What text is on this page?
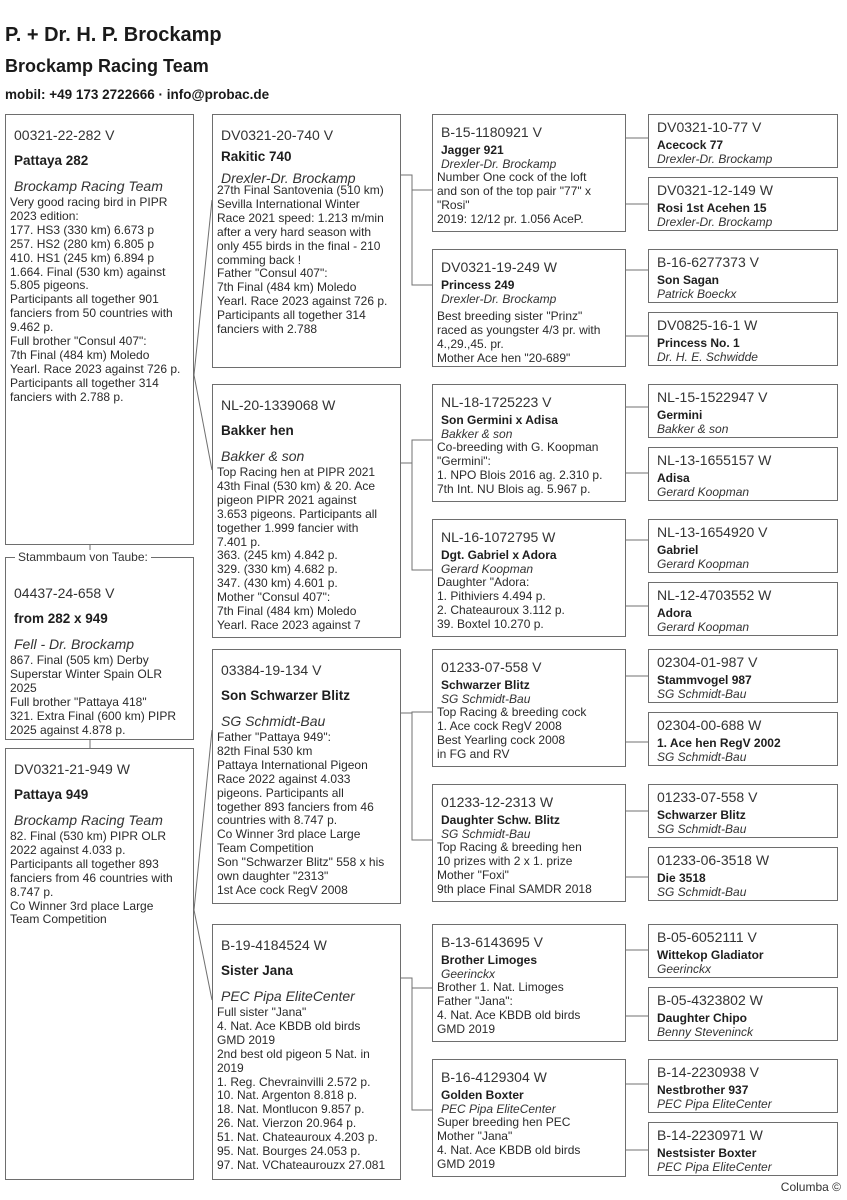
P. + Dr. H. P. Brockamp
Brockamp Racing Team
mobil: +49 173 2722666 · info@probac.de
00321-22-282 V
Pattaya 282
Brockamp Racing Team
Very good racing bird in PIPR
2023 edition:
177. HS3 (330 km) 6.673 p
257. HS2 (280 km) 6.805 p
410. HS1 (245 km) 6.894 p
1.664. Final (530 km) against
5.805 pigeons.
Participants all together 901
fanciers from 50 countries with
9.462 p.
Full brother "Consul 407":
7th Final (484 km) Moledo
Yearl. Race 2023 against 726 p.
Participants all together 314
fanciers with 2.788 p.
04437-24-658 V
from 282 x 949
Fell - Dr. Brockamp
867. Final (505 km) Derby
Superstar Winter Spain OLR
2025
Full brother "Pattaya 418"
321. Extra Final (600 km) PIPR
2025 against 4.878 p.
Stammbaum von Taube:
DV0321-21-949 W
Pattaya 949
Brockamp Racing Team
82. Final (530 km) PIPR OLR
2022 against 4.033 p.
Participants all together 893
fanciers from 46 countries with
8.747 p.
Co Winner 3rd place Large
Team Competition
DV0321-20-740 V
Rakitic 740
Drexler-Dr. Brockamp
27th Final Santovenia (510 km)
Sevilla International Winter
Race 2021 speed: 1.213 m/min
after a very hard season with
only 455 birds in the final - 210
comming back !
Father "Consul 407":
7th Final (484 km) Moledo
Yearl. Race 2023 against 726 p.
Participants all together 314
fanciers with 2.788
NL-20-1339068 W
Bakker hen
Bakker & son
Top Racing hen at PIPR 2021
43th Final (530 km) & 20. Ace
pigeon PIPR 2021 against
3.653 pigeons. Participants all
together 1.999 fancier with
7.401 p.
363. (245 km) 4.842 p.
329. (330 km) 4.682 p.
347. (430 km) 4.601 p.
Mother "Consul 407":
7th Final (484 km) Moledo
Yearl. Race 2023 against 7
03384-19-134 V
Son Schwarzer Blitz
SG Schmidt-Bau
Father "Pattaya 949":
82th Final 530 km
Pattaya International Pigeon
Race 2022 against 4.033
pigeons. Participants all
together 893 fanciers from 46
countries with 8.747 p.
Co Winner 3rd place Large
Team Competition
Son "Schwarzer Blitz" 558 x his
own daughter "2313"
1st Ace cock RegV 2008
B-19-4184524 W
Sister Jana
PEC Pipa EliteCenter
Full sister "Jana"
4. Nat. Ace KBDB old birds
GMD 2019
2nd best old pigeon 5 Nat. in
2019
1. Reg. Chevrainvilli 2.572 p.
10. Nat. Argenton 8.818 p.
18. Nat. Montlucon 9.857 p.
26. Nat. Vierzon 20.964 p.
51. Nat. Chateauroux 4.203 p.
95. Nat. Bourges 24.053 p.
97. Nat. VChateaurouzx 27.081
B-15-1180921 V
Jagger 921
Drexler-Dr. Brockamp
Number One cock of the loft
and son of the top pair "77" x
"Rosi"
2019: 12/12 pr. 1.056 AceP.
DV0321-19-249 W
Princess 249
Drexler-Dr. Brockamp
Best breeding sister "Prinz"
raced as youngster 4/3 pr. with
4.,29.,45. pr.
Mother Ace hen "20-689"
NL-18-1725223 V
Son Germini x Adisa
Bakker & son
Co-breeding with G. Koopman
"Germini":
1. NPO Blois 2016 ag. 2.310 p.
7th Int. NU Blois ag. 5.967 p.
NL-16-1072795 W
Dgt. Gabriel x Adora
Gerard Koopman
Daughter "Adora:
1. Pithiviers 4.494 p.
2. Chateauroux 3.112 p.
39. Boxtel 10.270 p.
01233-07-558 V
Schwarzer Blitz
SG Schmidt-Bau
Top Racing & breeding cock
1. Ace cock RegV 2008
Best Yearling cock 2008
in FG and RV
01233-12-2313 W
Daughter Schw. Blitz
SG Schmidt-Bau
Top Racing & breeding hen
10 prizes with 2 x 1. prize
Mother "Foxi"
9th place Final SAMDR 2018
B-13-6143695 V
Brother Limoges
Geerinckx
Brother 1. Nat. Limoges
Father "Jana":
4. Nat. Ace KBDB old birds
GMD 2019
B-16-4129304 W
Golden Boxter
PEC Pipa EliteCenter
Super breeding hen PEC
Mother "Jana"
4. Nat. Ace KBDB old birds
GMD 2019
DV0321-10-77 V
Acecock 77
Drexler-Dr. Brockamp
DV0321-12-149 W
Rosi 1st Acehen 15
Drexler-Dr. Brockamp
B-16-6277373 V
Son Sagan
Patrick Boeckx
DV0825-16-1 W
Princess No. 1
Dr. H. E. Schwidde
NL-15-1522947 V
Germini
Bakker & son
NL-13-1655157 W
Adisa
Gerard Koopman
NL-13-1654920 V
Gabriel
Gerard Koopman
NL-12-4703552 W
Adora
Gerard Koopman
02304-01-987 V
Stammvogel 987
SG Schmidt-Bau
02304-00-688 W
1. Ace hen RegV 2002
SG Schmidt-Bau
01233-07-558 V
Schwarzer Blitz
SG Schmidt-Bau
01233-06-3518 W
Die 3518
SG Schmidt-Bau
B-05-6052111 V
Wittekop Gladiator
Geerinckx
B-05-4323802 W
Daughter Chipo
Benny Steveninck
B-14-2230938 V
Nestbrother 937
PEC Pipa EliteCenter
B-14-2230971 W
Nestsister Boxter
PEC Pipa EliteCenter
Columba ©
